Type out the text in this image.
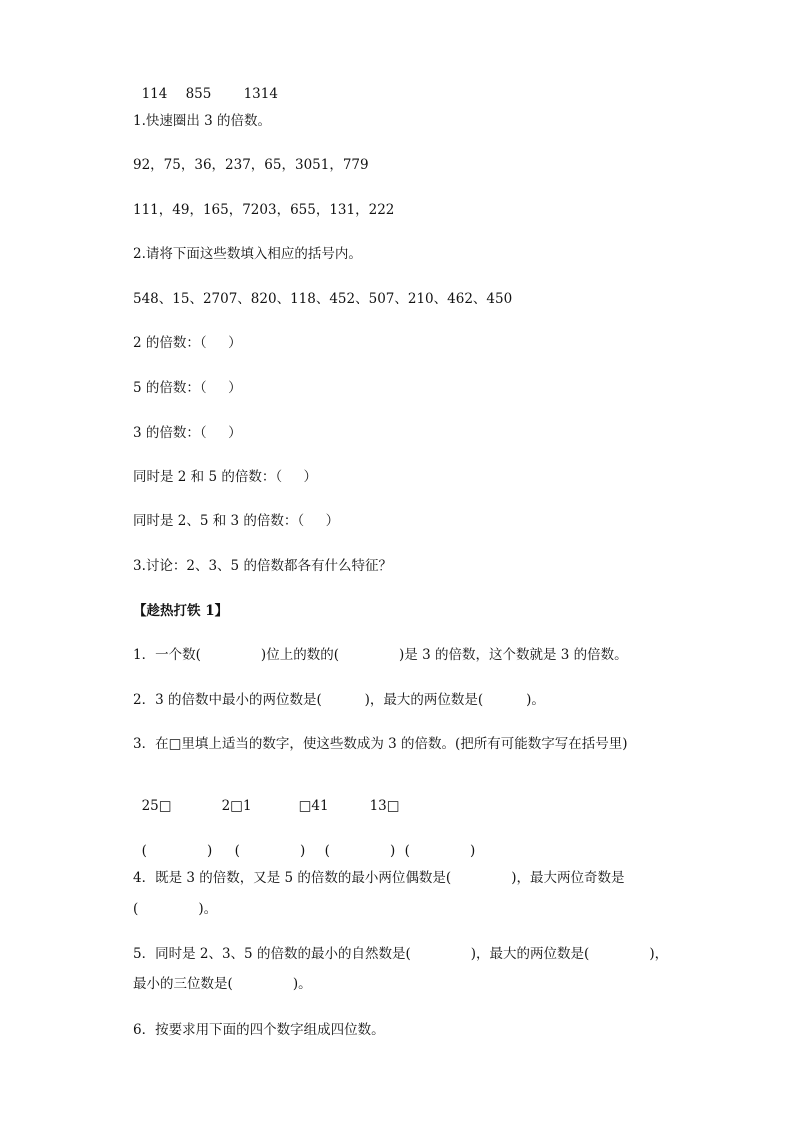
114 855 1314

1.快速圈出 3 的倍数。
92，75，36，237，65，3051，779
111，49，165，7203，655，131，222
2.请将下面这些数填入相应的括号内。
548、15、2707、820、118、452、507、210、462、450
2 的倍数：（     ）
5 的倍数：（     ）
3 的倍数：（     ）
同时是 2 和 5 的倍数：（     ）
同时是 2、5 和 3 的倍数：（     ）
3.讨论：2、3、5 的倍数都各有什么特征？
【趁热打铁 1】
1．一个数(              )位上的数的(              )是 3 的倍数，这个数就是 3 的倍数。
2．3 的倍数中最小的两位数是(          )，最大的两位数是(          )。
3．在□里填上适当的数字，使这些数成为 3 的倍数。(把所有可能数字写在括号里)

25□	2□1	□41	13□

(              ) (              ) (              ) (              )

4．既是 3 的倍数，又是 5 的倍数的最小两位偶数是(              )，最大两位奇数是
(              )。
5．同时是 2、3、5 的倍数的最小的自然数是(              )，最大的两位数是(              )，
最小的三位数是(              )。
6．按要求用下面的四个数字组成四位数。
